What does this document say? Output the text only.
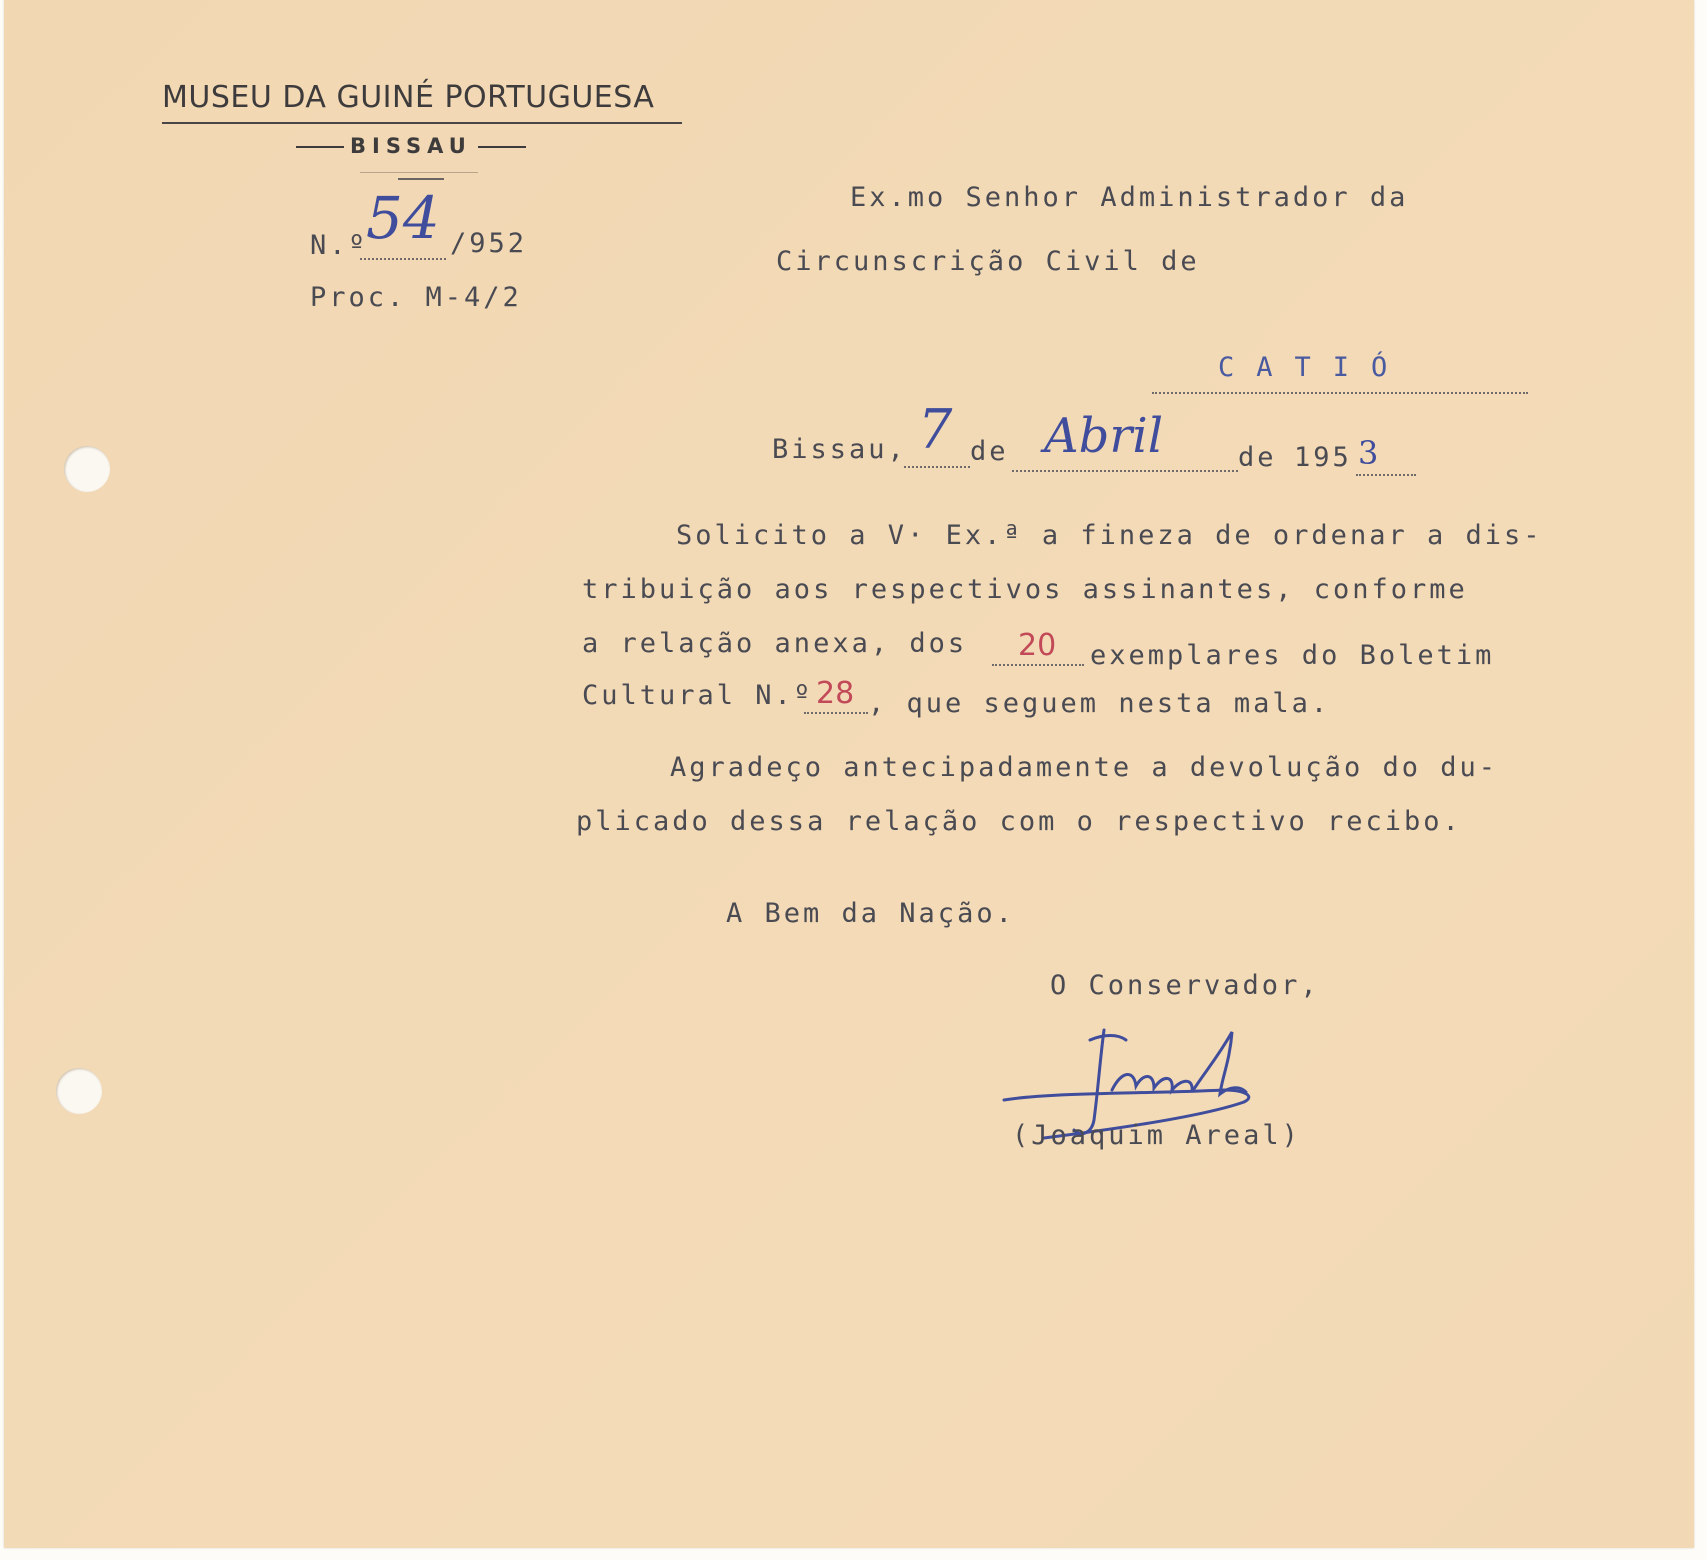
MUSEU DA GUINÉ PORTUGUESA
BISSAU
N.º
54 /952
Proc. M-4/2
Ex.mo Senhor Administrador da
Circunscrição Civil de
CATIÓ
Bissau, 7 de Abril	de 195 3
Solicito a V· Ex.ª a fineza de ordenar a dis-
tribuição aos respectivos assinantes, conforme
a relação anexa, dos 20 exemplares do Boletim
Cultural N.º 28 , que seguem nesta mala.
Agradeço antecipadamente a devolução do du-
plicado dessa relação com o respectivo recibo.
A Bem da Nação.
O Conservador,
(Joaquim Areal)
